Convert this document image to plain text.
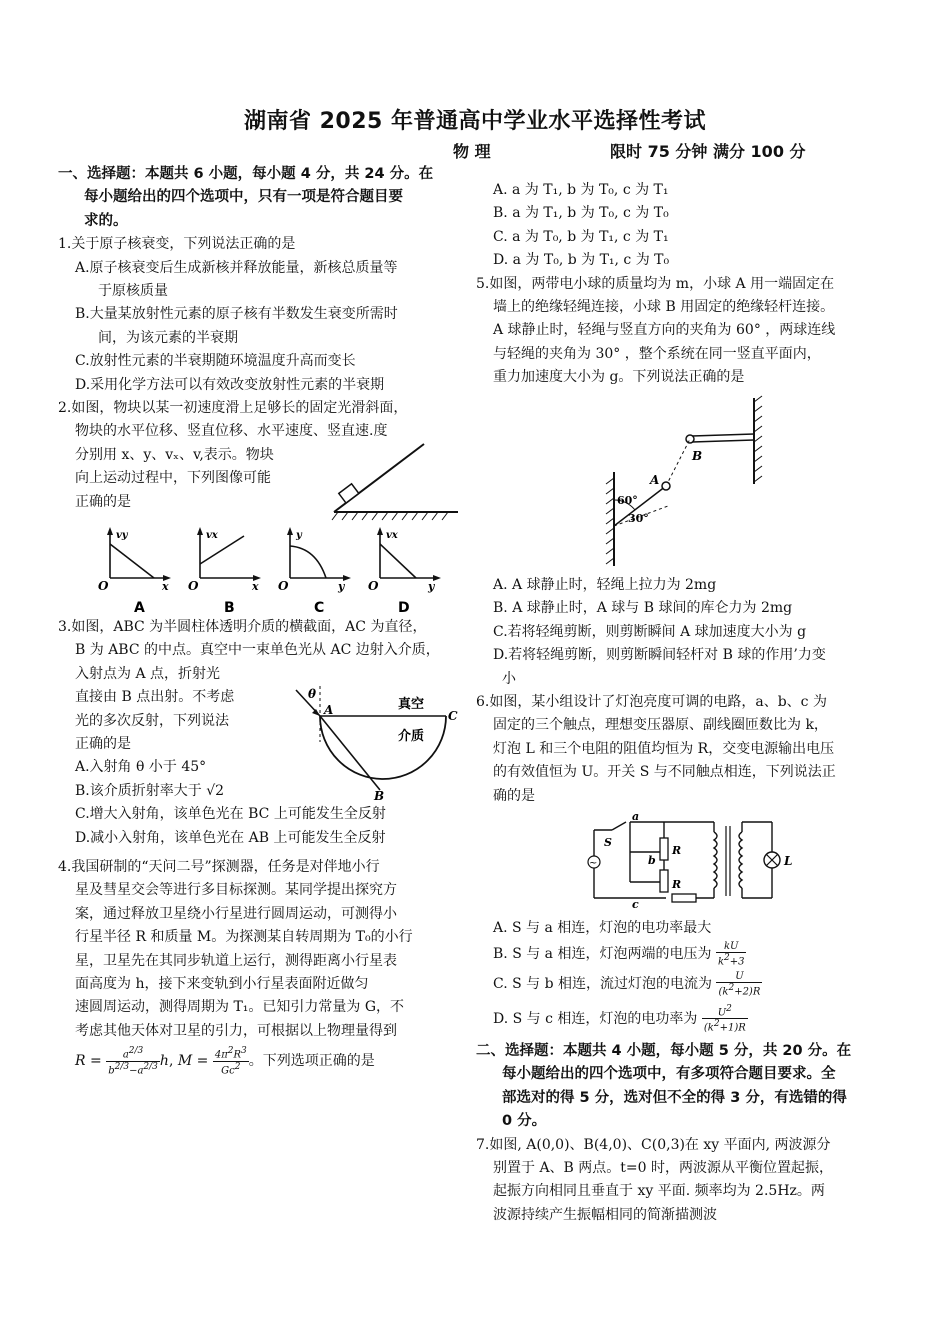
湖南省 2025 年普通高中学业水平选择性考试
物 理	限时 75 分钟 满分 100 分

一、选择题：本题共 6 小题，每小题 4 分，共 24 分。在

每小题给出的四个选项中，只有一项是符合题目要

求的。

1.关于原子核衰变，下列说法正确的是

A.原子核衰变后生成新核并释放能量，新核总质量等

于原核质量

B.大量某放射性元素的原子核有半数发生衰变所需时

间，为该元素的半衰期

C.放射性元素的半衰期随环境温度升高而变长

D.采用化学方法可以有效改变放射性元素的半衰期

2.如图，物块以某一初速度滑上足够长的固定光滑斜面，

物块的水平位移、竖直位移、水平速度、竖直速.度

分别用 x、y、vₓ、v,表示。物块

向上运动过程中，下列图像可能

正确的是

vy
x
O
A
vx
x
O
B
y
y
O
C
vx
y
O
D

3.如图，ABC 为半圆柱体透明介质的横截面，AC 为直径，

B 为 ABC 的中点。真空中一束单色光从 AC 边射入介质，

入射点为 A 点，折射光

直接由 B 点出射。不考虑

光的多次反射，下列说法

正确的是

A.入射角 θ 小于 45°

B.该介质折射率大于 √2

C.增大入射角，该单色光在 BC 上可能发生全反射

D.减小入射角，该单色光在 AB 上可能发生全反射

θ
A	C
B
真空
介质

4.我国研制的“天问二号”探测器，任务是对伴地小行

星及彗星交会等进行多目标探测。某同学提出探究方

案，通过释放卫星绕小行星进行圆周运动，可测得小

行星半径 R 和质量 M。为探测某自转周期为 T₀的小行

星，卫星先在其同步轨道上运行，测得距离小行星表

面高度为 h，接下来变轨到小行星表面附近做匀

速圆周运动，测得周期为 T₁。已知引力常量为 G，不

考虑其他天体对卫星的引力，可根据以上物理量得到

$R = \frac{a^{2/3}}{b^{2/3}-a^{2/3}} h$, $M = \frac{4\pi^2R^3}{Gc^2}$ 。下列选项正确的是

A. a 为 T₁, b 为 T₀, c 为 T₁

B. a 为 T₁, b 为 T₀, c 为 T₀

C. a 为 T₀, b 为 T₁, c 为 T₁

D. a 为 T₀, b 为 T₁, c 为 T₀

5.如图，两带电小球的质量均为 m，小球 A 用一端固定在

墙上的绝缘轻绳连接，小球 B 用固定的绝缘轻杆连接。

A 球静止时，轻绳与竖直方向的夹角为 60° ，两球连线

与轻绳的夹角为 30° ，整个系统在同一竖直平面内，

重力加速度大小为 g。下列说法正确的是

B
A
60°
30°

A. A 球静止时，轻绳上拉力为 2mg

B. A 球静止时，A 球与 B 球间的库仑力为 2mg

C.若将轻绳剪断，则剪断瞬间 A 球加速度大小为 g

D.若将轻绳剪断，则剪断瞬间轻杆对 B 球的作用’力变

小

6.如图，某小组设计了灯泡亮度可调的电路，a、b、c 为

固定的三个触点，理想变压器原、副线圈匝数比为 k，

灯泡 L 和三个电阻的阻值均恒为 R，交变电源输出电压

的有效值恒为 U。开关 S 与不同触点相连，下列说法正

确的是

~
S
a
b
c
R
R
L

A. S 与 a 相连，灯泡的电功率最大

B. S 与 a 相连，灯泡两端的电压为 $\frac{kU}{k^2+3}$

C. S 与 b 相连，流过灯泡的电流为 $\frac{U}{(k^2+2)R}$

D. S 与 c 相连，灯泡的电功率为 $\frac{U^2}{(k^2+1)R}$

二、选择题：本题共 4 小题，每小题 5 分，共 20 分。在

每小题给出的四个选项中，有多项符合题目要求。全

部选对的得 5 分，选对但不全的得 3 分，有选错的得

0 分。

7.如图, A(0,0)、B(4,0)、C(0,3)在 xy 平面内, 两波源分

别置于 A、B 两点。t=0 时，两波源从平衡位置起振，

起振方向相同且垂直于 xy 平面. 频率均为 2.5Hz。两

波源持续产生振幅相同的简渐描测波
